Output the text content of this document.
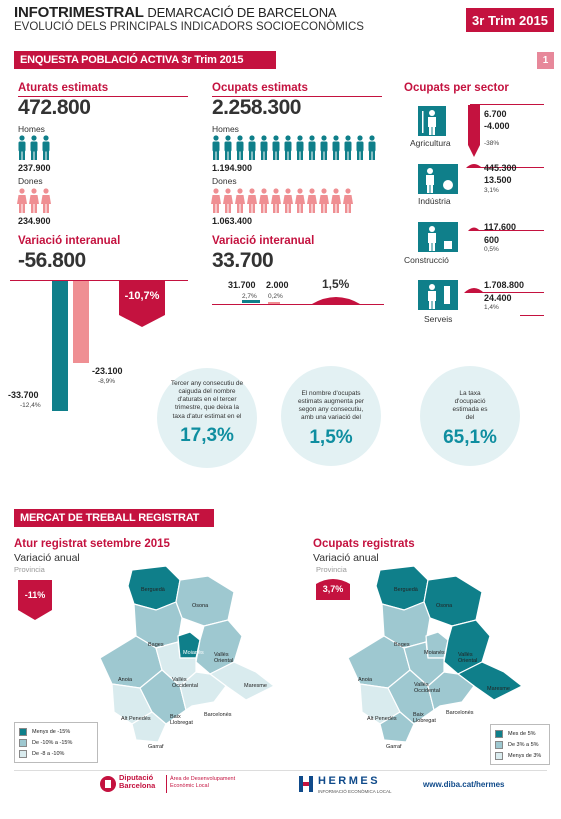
INFOTRIMESTRAL DEMARCACIÓ DE BARCELONA
EVOLUCIÓ DELS PRINCIPALS INDICADORS SOCIOECONÒMICS	3r Trim 2015
ENQUESTA POBLACIÓ ACTIVA 3r Trim 2015	1
Aturats estimats
472.800
Homes
237.900
Dones
234.900
Variació interanual
-56.800
-10,7%
-33.700
-12,4%
-23.100
-8,9%
Ocupats estimats
2.258.300
Homes
1.194.900
Dones
1.063.400
Variació interanual
33.700
31.700
2,7%
2.000
0,2%
1,5%
Ocupats per sector
Agricultura
6.700
-4.000
-38%
Indústria
445.300
13.500
3,1%
Construcció
117.600
600
0,5%
Serveis
1.708.800
24.400
1,4%
Tercer any consecutiu de caiguda del nombre d'aturats en el tercer trimestre, que deixa la taxa d'atur estimat en el
17,3%
El nombre d'ocupats estimats augmenta per segon any consecutiu, amb una variació del
1,5%
La taxa d'ocupació estimada es del
65,1%
MERCAT DE TREBALL REGISTRAT
Atur registrat setembre 2015
Variació anual
Provincia
-11%	Berguedà
Osona
Bages
Moianès Vallès Oriental
Anoia	Vallès Occidental	Maresme
Alt Penedès	Baix Llobregat
Barcelonès
Garraf
Menys de -15%
De -10% a -15%
De -8 a -10%
Ocupats registrats
Variació anual
Provincia
3,7%	Berguedà
Osona
Bages
Moianès Vallès Oriental
Anoia
Vallès Occidental	Maresme
Alt Penedès
Baix Llobregat
Barcelonès
Garraf
Mes de 5%
De 3% a 5%
Menys de 3%
Diputació Barcelona
Àrea de Desenvolupament Econòmic Local	HERMES
INFORMACIÓ ECONÒMICA LOCAL
www.diba.cat/hermes
